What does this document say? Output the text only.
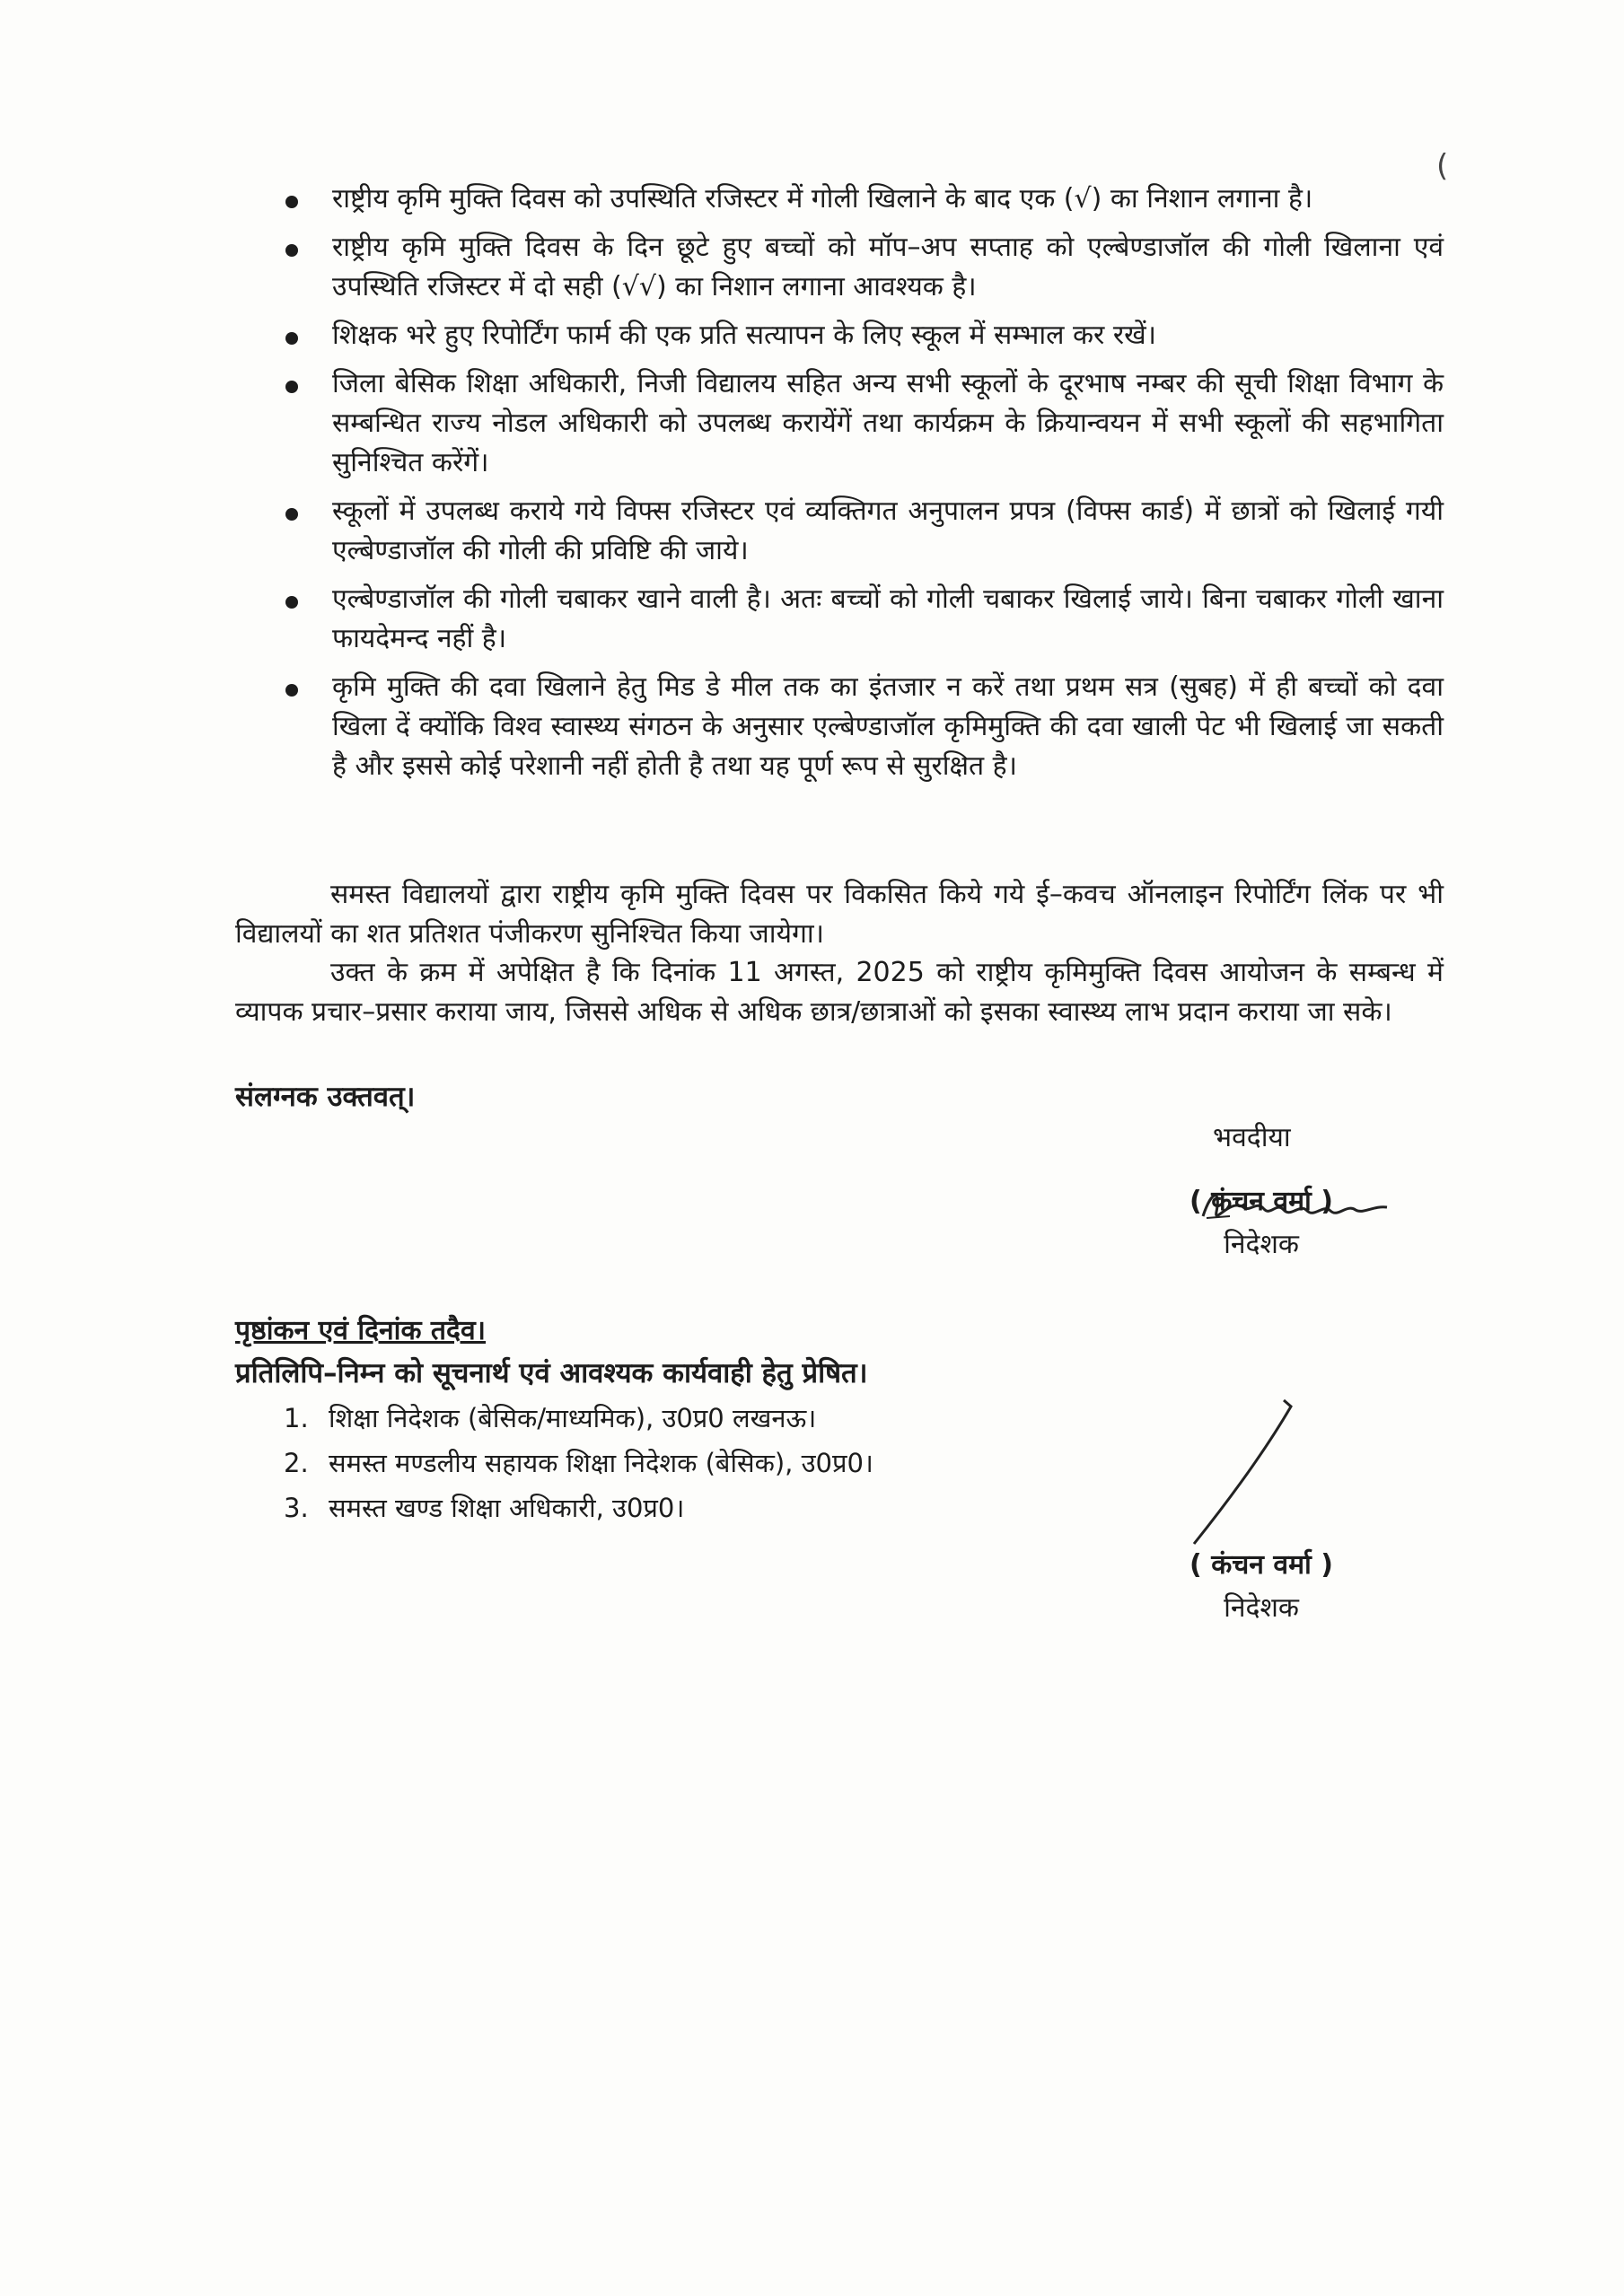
(
राष्ट्रीय कृमि मुक्ति दिवस को उपस्थिति रजिस्टर में गोली खिलाने के बाद एक (√) का निशान लगाना है।
राष्ट्रीय कृमि मुक्ति दिवस के दिन छूटे हुए बच्चों को मॉप–अप सप्ताह को एल्बेण्डाजॉल की गोली खिलाना एवं उपस्थिति रजिस्टर में दो सही (√√) का निशान लगाना आवश्यक है।
शिक्षक भरे हुए रिपोर्टिंग फार्म की एक प्रति सत्यापन के लिए स्कूल में सम्भाल कर रखें।
जिला बेसिक शिक्षा अधिकारी, निजी विद्यालय सहित अन्य सभी स्कूलों के दूरभाष नम्बर की सूची शिक्षा विभाग के सम्बन्धित राज्य नोडल अधिकारी को उपलब्ध करायेंगें तथा कार्यक्रम के क्रियान्वयन में सभी स्कूलों की सहभागिता सुनिश्चित करेंगें।
स्कूलों में उपलब्ध कराये गये विफ्स रजिस्टर एवं व्यक्तिगत अनुपालन प्रपत्र (विफ्स कार्ड) में छात्रों को खिलाई गयी एल्बेण्डाजॉल की गोली की प्रविष्टि की जाये।
एल्बेण्डाजॉल की गोली चबाकर खाने वाली है। अतः बच्चों को गोली चबाकर खिलाई जाये। बिना चबाकर गोली खाना फायदेमन्द नहीं है।
कृमि मुक्ति की दवा खिलाने हेतु मिड डे मील तक का इंतजार न करें तथा प्रथम सत्र (सुबह) में ही बच्चों को दवा खिला दें क्योंकि विश्व स्वास्थ्य संगठन के अनुसार एल्बेण्डाजॉल कृमिमुक्ति की दवा खाली पेट भी खिलाई जा सकती है और इससे कोई परेशानी नहीं होती है तथा यह पूर्ण रूप से सुरक्षित है।

समस्त विद्यालयों द्वारा राष्ट्रीय कृमि मुक्ति दिवस पर विकसित किये गये ई–कवच ऑनलाइन रिपोर्टिंग लिंक पर भी विद्यालयों का शत प्रतिशत पंजीकरण सुनिश्चित किया जायेगा।

उक्त के क्रम में अपेक्षित है कि दिनांक 11 अगस्त, 2025 को राष्ट्रीय कृमिमुक्ति दिवस आयोजन के सम्बन्ध में व्यापक प्रचार–प्रसार कराया जाय, जिससे अधिक से अधिक छात्र/छात्राओं को इसका स्वास्थ्य लाभ प्रदान कराया जा सके।

संलग्नक उक्तवत्।
भवदीया
( कंचन वर्मा )
निदेशक
पृष्ठांकन एवं दिनांक तदैव।
प्रतिलिपि–निम्न को सूचनार्थ एवं आवश्यक कार्यवाही हेतु प्रेषित।
1. शिक्षा निदेशक (बेसिक/माध्यमिक), उ0प्र0 लखनऊ।
2. समस्त मण्डलीय सहायक शिक्षा निदेशक (बेसिक), उ0प्र0।
3. समस्त खण्ड शिक्षा अधिकारी, उ0प्र0।
( कंचन वर्मा )
निदेशक
